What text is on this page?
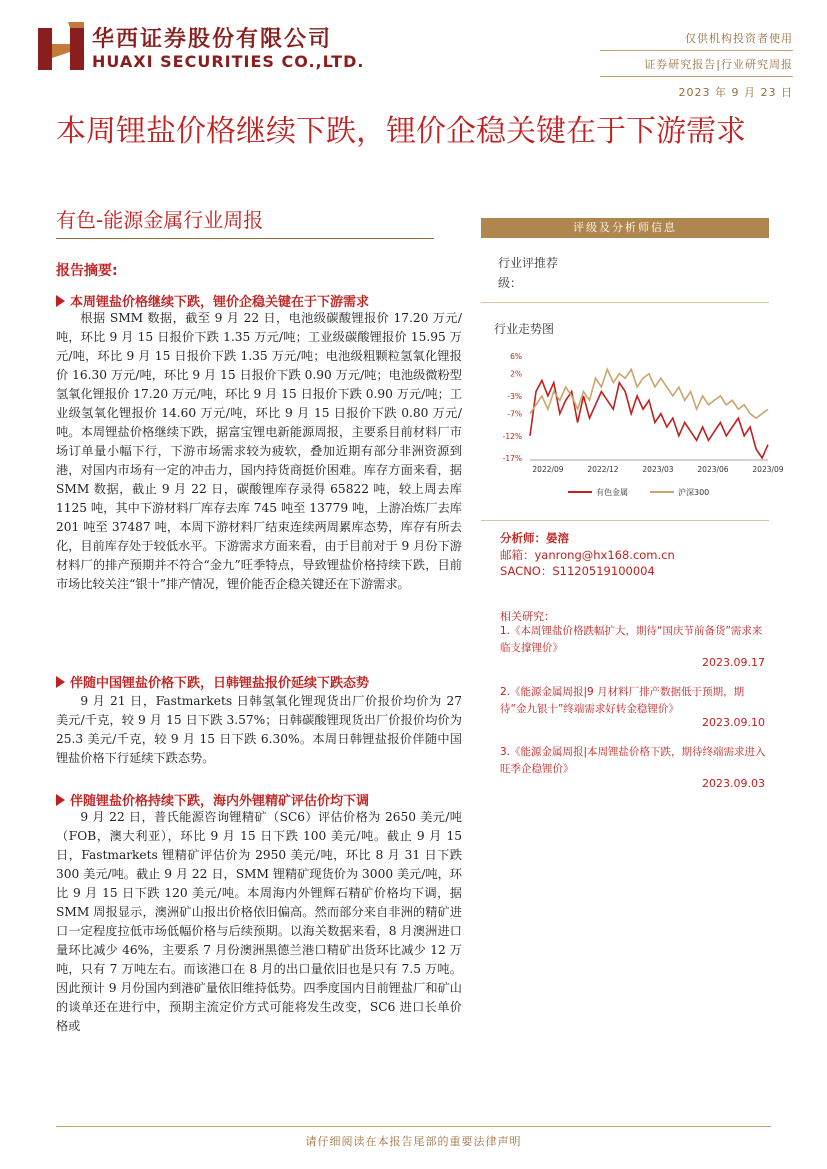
华西证券股份有限公司
HUAXI SECURITIES CO.,LTD.
仅供机构投资者使用
证券研究报告|行业研究周报
2023 年 9 月 23 日
本周锂盐价格继续下跌，锂价企稳关键在于下游需求
有色-能源金属行业周报
报告摘要:
本周锂盐价格继续下跌，锂价企稳关键在于下游需求
根据 SMM 数据，截至 9 月 22 日，电池级碳酸锂报价 17.20 万元/吨，环比 9 月 15 日报价下跌 1.35 万元/吨；工业级碳酸锂报价 15.95 万元/吨，环比 9 月 15 日报价下跌 1.35 万元/吨；电池级粗颗粒氢氧化锂报价 16.30 万元/吨，环比 9 月 15 日报价下跌 0.90 万元/吨；电池级微粉型氢氧化锂报价 17.20 万元/吨，环比 9 月 15 日报价下跌 0.90 万元/吨；工业级氢氧化锂报价 14.60 万元/吨，环比 9 月 15 日报价下跌 0.80 万元/吨。本周锂盐价格继续下跌，据富宝锂电新能源周报，主要系目前材料厂市场订单量小幅下行，下游市场需求较为疲软，叠加近期有部分非洲资源到港，对国内市场有一定的冲击力，国内持货商挺价困难。库存方面来看，据 SMM 数据，截止 9 月 22 日，碳酸锂库存录得 65822 吨，较上周去库 1125 吨，其中下游材料厂库存去库 745 吨至 13779 吨，上游冶炼厂去库 201 吨至 37487 吨，本周下游材料厂结束连续两周累库态势，库存有所去化，目前库存处于较低水平。下游需求方面来看，由于目前对于 9 月份下游材料厂的排产预期并不符合“金九”旺季特点，导致锂盐价格持续下跌，目前市场比较关注“银十”排产情况，锂价能否企稳关键还在下游需求。
伴随中国锂盐价格下跌，日韩锂盐报价延续下跌态势
9 月 21 日，Fastmarkets 日韩氢氧化锂现货出厂价报价均价为 27 美元/千克，较 9 月 15 日下跌 3.57%；日韩碳酸锂现货出厂价报价均价为 25.3 美元/千克，较 9 月 15 日下跌 6.30%。本周日韩锂盐报价伴随中国锂盐价格下行延续下跌态势。
伴随锂盐价格持续下跌，海内外锂精矿评估价均下调
9 月 22 日，普氏能源咨询锂精矿（SC6）评估价格为 2650 美元/吨（FOB，澳大利亚），环比 9 月 15 日下跌 100 美元/吨。截止 9 月 15 日，Fastmarkets 锂精矿评估价为 2950 美元/吨，环比 8 月 31 日下跌 300 美元/吨。截止 9 月 22 日，SMM 锂精矿现货价为 3000 美元/吨，环比 9 月 15 日下跌 120 美元/吨。本周海内外锂辉石精矿价格均下调，据 SMM 周报显示，澳洲矿山报出价格依旧偏高。然而部分来自非洲的精矿进口一定程度拉低市场低幅价格与后续预期。以海关数据来看，8 月澳洲进口量环比减少 46%，主要系 7 月份澳洲黑德兰港口精矿出货环比减少 12 万吨，只有 7 万吨左右。而该港口在 8 月的出口量依旧也是只有 7.5 万吨。因此预计 9 月份国内到港矿量依旧维持低势。四季度国内目前锂盐厂和矿山的谈单还在进行中，预期主流定价方式可能将发生改变，SC6 进口长单价格或
评级及分析师信息
行业评推荐
级：
行业走势图
6%
2%
-3%
-7%
-12%
-17%
2022/09	2022/12	2023/03	2023/06	2023/09
有色金属	沪深300
分析师：晏溶
邮箱：yanrong@hx168.com.cn
SACNO：S1120519100004
相关研究：
1.《本周锂盐价格跌幅扩大，期待“国庆节前备货”需求来临支撑锂价》
2023.09.17
2.《能源金属周报|9 月材料厂排产数据低于预期，期待“金九银十”终端需求好转金稳锂价》
2023.09.10
3.《能源金属周报|本周锂盐价格下跌，期待终端需求进入旺季企稳锂价》
2023.09.03
请仔细阅读在本报告尾部的重要法律声明
